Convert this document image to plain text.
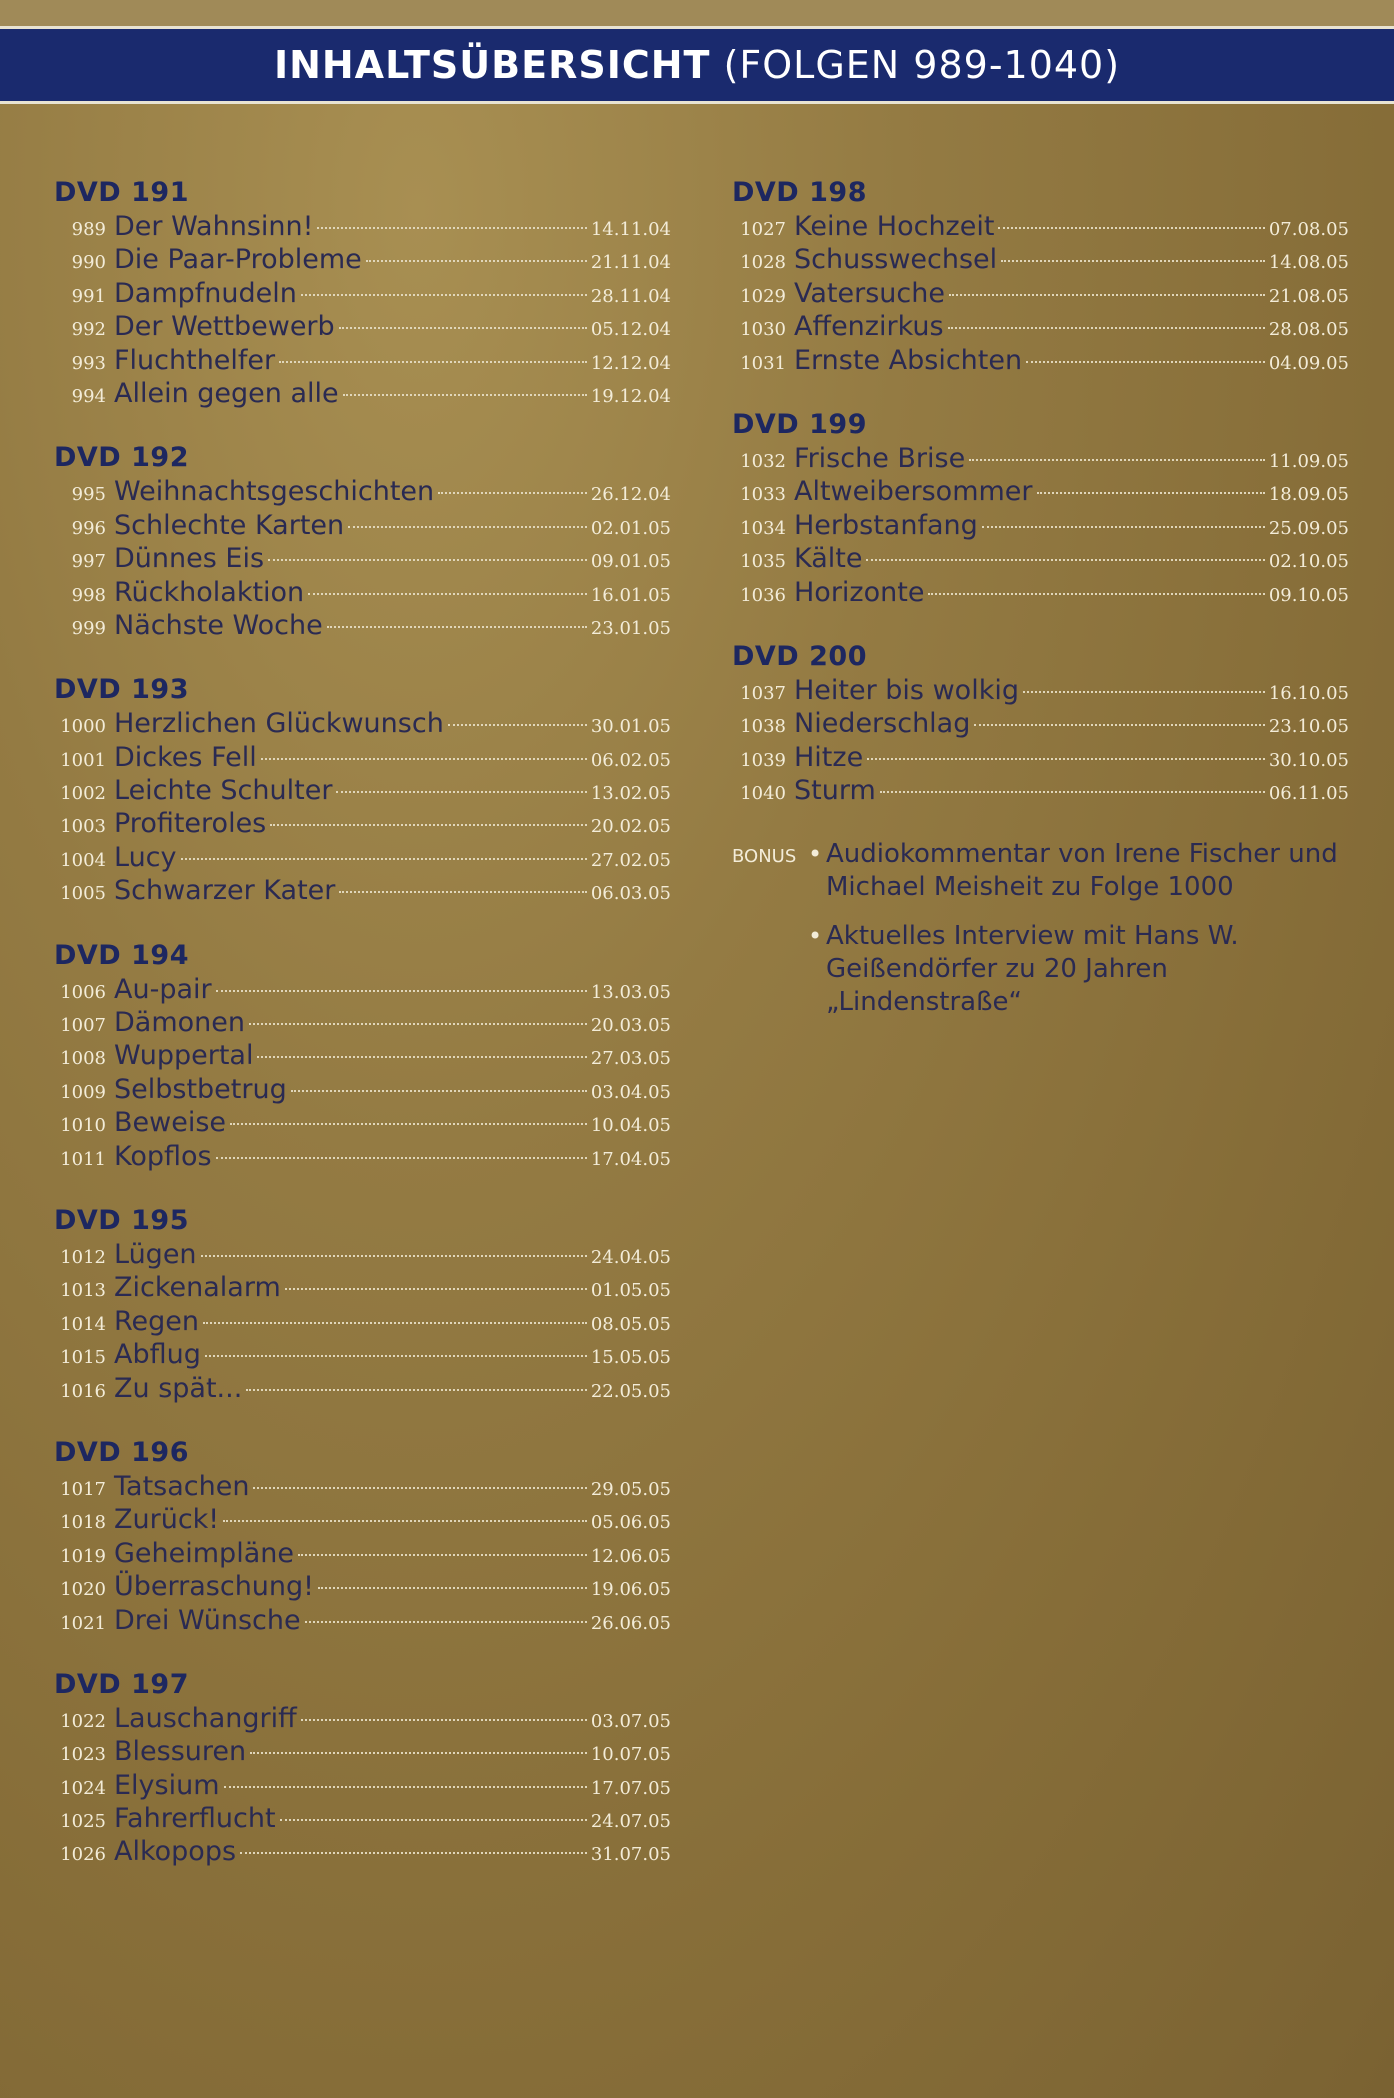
INHALTSÜBERSICHT (FOLGEN 989-1040)
DVD 191
989 Der Wahnsinn!	14.11.04
990 Die Paar-Probleme	21.11.04
991 Dampfnudeln	28.11.04
992 Der Wettbewerb	05.12.04
993 Fluchthelfer	12.12.04
994 Allein gegen alle	19.12.04
DVD 192
995 Weihnachtsgeschichten	26.12.04
996 Schlechte Karten	02.01.05
997 Dünnes Eis	09.01.05
998 Rückholaktion	16.01.05
999 Nächste Woche	23.01.05
DVD 193
1000 Herzlichen Glückwunsch	30.01.05
1001 Dickes Fell	06.02.05
1002 Leichte Schulter	13.02.05
1003 Profiteroles	20.02.05
1004 Lucy	27.02.05
1005 Schwarzer Kater	06.03.05
DVD 194
1006 Au-pair	13.03.05
1007 Dämonen	20.03.05
1008 Wuppertal	27.03.05
1009 Selbstbetrug	03.04.05
1010 Beweise	10.04.05
1011 Kopflos	17.04.05
DVD 195
1012 Lügen	24.04.05
1013 Zickenalarm	01.05.05
1014 Regen	08.05.05
1015 Abflug	15.05.05
1016 Zu spät...	22.05.05
DVD 196
1017 Tatsachen	29.05.05
1018 Zurück!	05.06.05
1019 Geheimpläne	12.06.05
1020 Überraschung!	19.06.05
1021 Drei Wünsche	26.06.05
DVD 197
1022 Lauschangriff	03.07.05
1023 Blessuren	10.07.05
1024 Elysium	17.07.05
1025 Fahrerflucht	24.07.05
1026 Alkopops	31.07.05
DVD 198
1027 Keine Hochzeit	07.08.05
1028 Schusswechsel	14.08.05
1029 Vatersuche	21.08.05
1030 Affenzirkus	28.08.05
1031 Ernste Absichten	04.09.05
DVD 199
1032 Frische Brise	11.09.05
1033 Altweibersommer	18.09.05
1034 Herbstanfang	25.09.05
1035 Kälte	02.10.05
1036 Horizonte	09.10.05
DVD 200
1037 Heiter bis wolkig	16.10.05
1038 Niederschlag	23.10.05
1039 Hitze	30.10.05
1040 Sturm	06.11.05
BONUS • Audiokommentar von Irene Fischer und Michael Meisheit zu Folge 1000
• Aktuelles Interview mit Hans W. Geißendörfer zu 20 Jahren „Lindenstraße“
